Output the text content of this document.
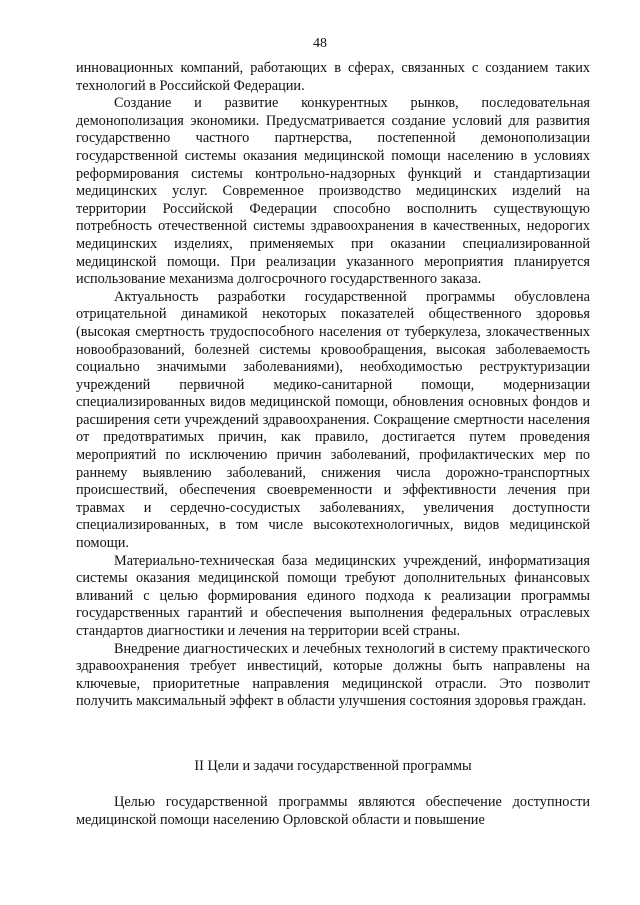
48

инновационных компаний, работающих в сферах, связанных с созданием таких технологий в Российской Федерации.

Создание и развитие конкурентных рынков, последовательная демонополизация экономики. Предусматривается создание условий для развития государственно частного партнерства, постепенной демонополизации государственной системы оказания медицинской помощи населению в условиях реформирования системы контрольно-надзорных функций и стандартизации медицинских услуг. Современное производство медицинских изделий на территории Российской Федерации способно восполнить существующую потребность отечественной системы здравоохранения в качественных, недорогих медицинских изделиях, применяемых при оказании специализированной медицинской помощи. При реализации указанного мероприятия планируется использование механизма долгосрочного государственного заказа.

Актуальность разработки государственной программы обусловлена отрицательной динамикой некоторых показателей общественного здоровья (высокая смертность трудоспособного населения от туберкулеза, злокачественных новообразований, болезней системы кровообращения, высокая заболеваемость социально значимыми заболеваниями), необходимостью реструктуризации учреждений первичной медико-санитарной помощи, модернизации специализированных видов медицинской помощи, обновления основных фондов и расширения сети учреждений здравоохранения. Сокращение смертности населения от предотвратимых причин, как правило, достигается путем проведения мероприятий по исключению причин заболеваний, профилактических мер по раннему выявлению заболеваний, снижения числа дорожно-транспортных происшествий, обеспечения своевременности и эффективности лечения при травмах и сердечно-сосудистых заболеваниях, увеличения доступности специализированных, в том числе высокотехнологичных, видов медицинской помощи.

Материально-техническая база медицинских учреждений, информатизация системы оказания медицинской помощи требуют дополнительных финансовых вливаний с целью формирования единого подхода к реализации программы государственных гарантий и обеспечения выполнения федеральных отраслевых стандартов диагностики и лечения на территории всей страны.

Внедрение диагностических и лечебных технологий в систему практического здравоохранения требует инвестиций, которые должны быть направлены на ключевые, приоритетные направления медицинской отрасли. Это позволит получить максимальный эффект в области улучшения состояния здоровья граждан.

II Цели и задачи государственной программы

Целью государственной программы являются обеспечение доступности медицинской помощи населению Орловской области и повышение
